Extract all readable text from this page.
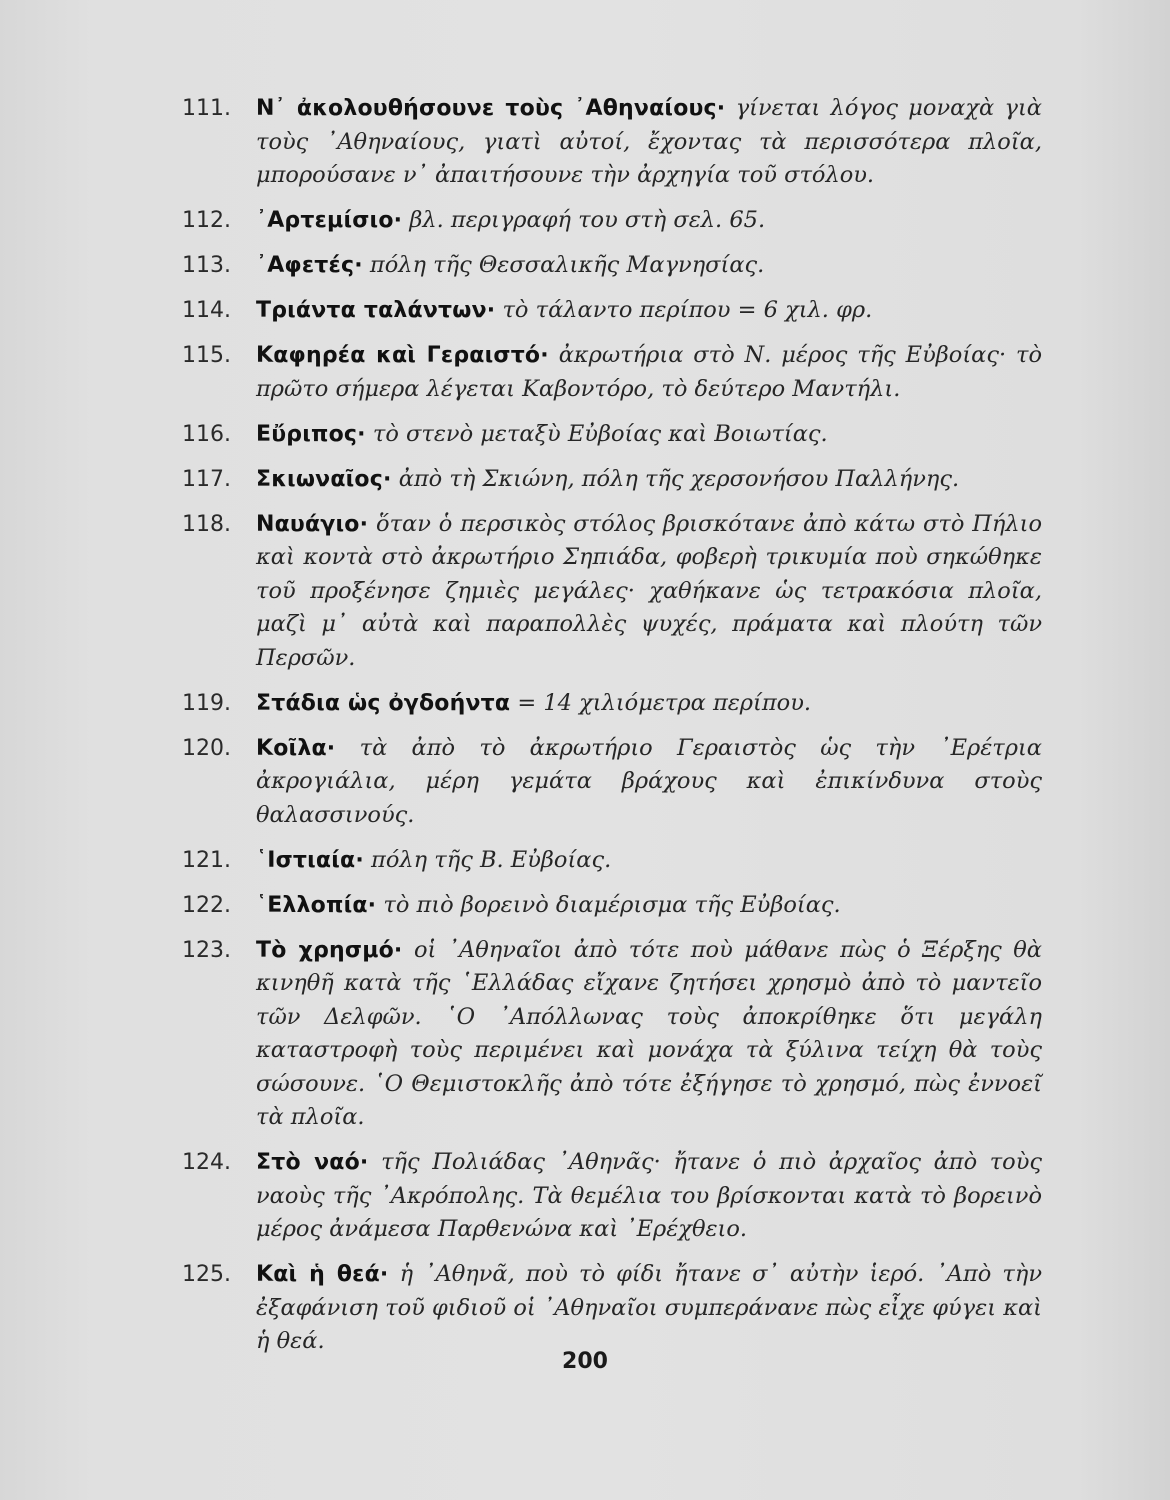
111. Ν᾿ ἀκολουθήσουνε τοὺς ᾿Αθηναίους· γίνεται λόγος μοναχὰ γιὰ τοὺς ᾿Αθηναίους, γιατὶ αὐτοί, ἔχοντας τὰ περισσότερα πλοῖα, μπορούσανε ν᾿ ἀπαιτήσουνε τὴν ἀρχηγία τοῦ στόλου.
112. ᾿Αρτεμίσιο· βλ. περιγραφή του στὴ σελ. 65.
113. ᾿Αφετές· πόλη τῆς Θεσσαλικῆς Μαγνησίας.
114. Τριάντα ταλάντων· τὸ τάλαντο περίπου = 6 χιλ. φρ.
115. Καφηρέα καὶ Γεραιστό· ἀκρωτήρια στὸ Ν. μέρος τῆς Εὐβοίας· τὸ πρῶτο σήμερα λέγεται Καβοντόρο, τὸ δεύτερο Μαντήλι.
116. Εὔριπος· τὸ στενὸ μεταξὺ Εὐβοίας καὶ Βοιωτίας.
117. Σκιωναῖος· ἀπὸ τὴ Σκιώνη, πόλη τῆς χερσονήσου Παλλήνης.
118. Ναυάγιο· ὅταν ὁ περσικὸς στόλος βρισκότανε ἀπὸ κάτω στὸ Πήλιο καὶ κοντὰ στὸ ἀκρωτήριο Σηπιάδα, φοβερὴ τρικυμία ποὺ σηκώθηκε τοῦ προξένησε ζημιὲς μεγάλες· χαθήκανε ὡς τετρακόσια πλοῖα, μαζὶ μ᾿ αὐτὰ καὶ παραπολλὲς ψυχές, πράματα καὶ πλούτη τῶν Περσῶν.
119. Στάδια ὡς ὀγδοήντα = 14 χιλιόμετρα περίπου.
120. Κοῖλα· τὰ ἀπὸ τὸ ἀκρωτήριο Γεραιστὸς ὡς τὴν ᾿Ερέτρια ἀκρογιάλια, μέρη γεμάτα βράχους καὶ ἐπικίνδυνα στοὺς θαλασσινούς.
121. ῾Ιστιαία· πόλη τῆς Β. Εὐβοίας.
122. ῾Ελλοπία· τὸ πιὸ βορεινὸ διαμέρισμα τῆς Εὐβοίας.
123. Τὸ χρησμό· οἱ ᾿Αθηναῖοι ἀπὸ τότε ποὺ μάθανε πὼς ὁ Ξέρξης θὰ κινηθῆ κατὰ τῆς ῾Ελλάδας εἴχανε ζητήσει χρησμὸ ἀπὸ τὸ μαντεῖο τῶν Δελφῶν. ῾Ο ᾿Απόλλωνας τοὺς ἀποκρίθηκε ὅτι μεγάλη καταστροφὴ τοὺς περιμένει καὶ μονάχα τὰ ξύλινα τείχη θὰ τοὺς σώσουνε. ῾Ο Θεμιστοκλῆς ἀπὸ τότε ἐξήγησε τὸ χρησμό, πὼς ἐννοεῖ τὰ πλοῖα.
124. Στὸ ναό· τῆς Πολιάδας ᾿Αθηνᾶς· ἤτανε ὁ πιὸ ἀρχαῖος ἀπὸ τοὺς ναοὺς τῆς ᾿Ακρόπολης. Τὰ θεμέλια του βρίσκονται κατὰ τὸ βορεινὸ μέρος ἀνάμεσα Παρθενώνα καὶ ᾿Ερέχθειο.
125. Καὶ ἡ θεά· ἡ ᾿Αθηνᾶ, ποὺ τὸ φίδι ἤτανε σ᾿ αὐτὴν ἱερό. ᾿Απὸ τὴν ἐξαφάνιση τοῦ φιδιοῦ οἱ ᾿Αθηναῖοι συμπεράνανε πὼς εἶχε φύγει καὶ ἡ θεά.
200
